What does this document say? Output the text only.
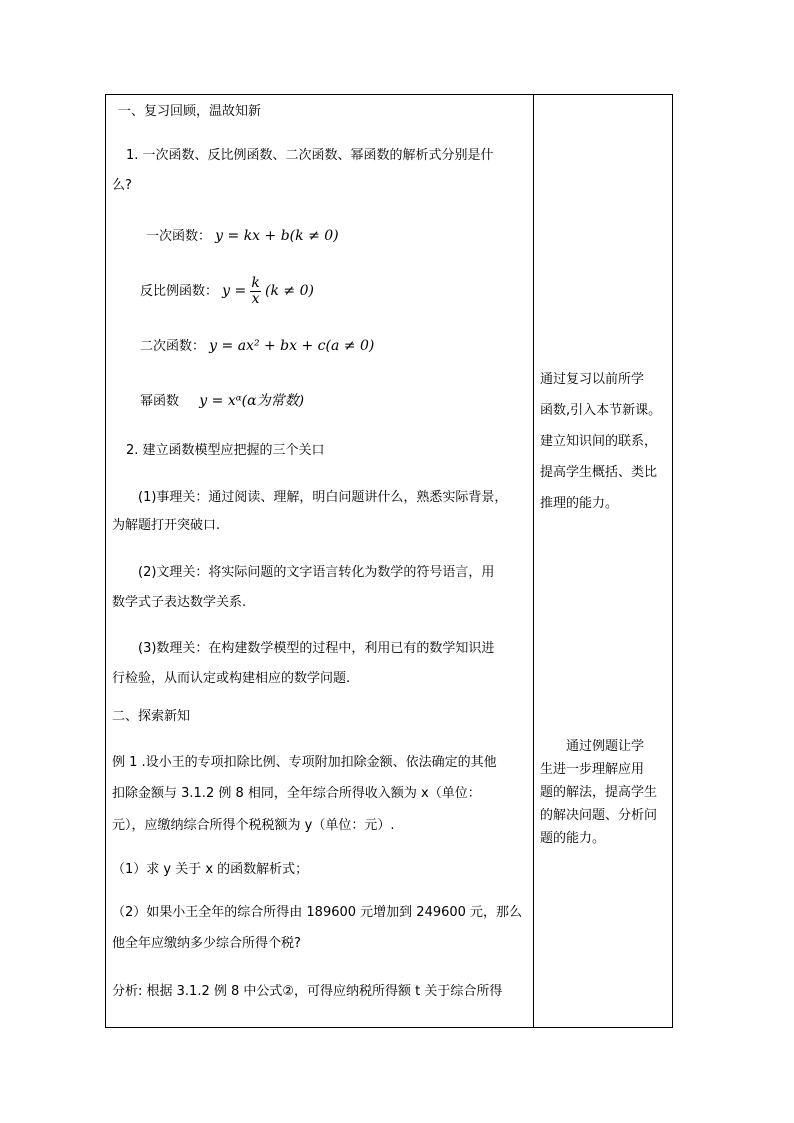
一、复习回顾，温故知新
1. 一次函数、反比例函数、二次函数、幂函数的解析式分别是什
一次函数： y = kx + b(k ≠ 0)
反比例函数： $y = \frac{k}{x} (k \ne 0)$
二次函数： y = ax² + bx + c(a ≠ 0)
幂函数 y = xᵅ(α为常数)
2. 建立函数模型应把握的三个关口
(1)事理关：通过阅读、理解，明白问题讲什么，熟悉实际背景，
为解题打开突破口.
(2)文理关：将实际问题的文字语言转化为数学的符号语言，用
数学式子表达数学关系.
(3)数理关：在构建数学模型的过程中，利用已有的数学知识进
行检验，从而认定或构建相应的数学问题.
二、探索新知
例 1 .设小王的专项扣除比例、专项附加扣除金额、依法确定的其他
扣除金额与 3.1.2 例 8 相同，全年综合所得收入额为 x（单位：
元），应缴纳综合所得个税税额为 y（单位：元）.
（1）求 y 关于 x 的函数解析式；
（2）如果小王全年的综合所得由 189600 元增加到 249600 元，那么
他全年应缴纳多少综合所得个税?
分析: 根据 3.1.2 例 8 中公式②，可得应纳税所得额 t 关于综合所得
通过复习以前所学
函数,引入本节新课。
建立知识间的联系，
提高学生概括、类比
推理的能力。
通过例题让学
生进一步理解应用
题的解法，提高学生
的解决问题、分析问
题的能力。
么?
